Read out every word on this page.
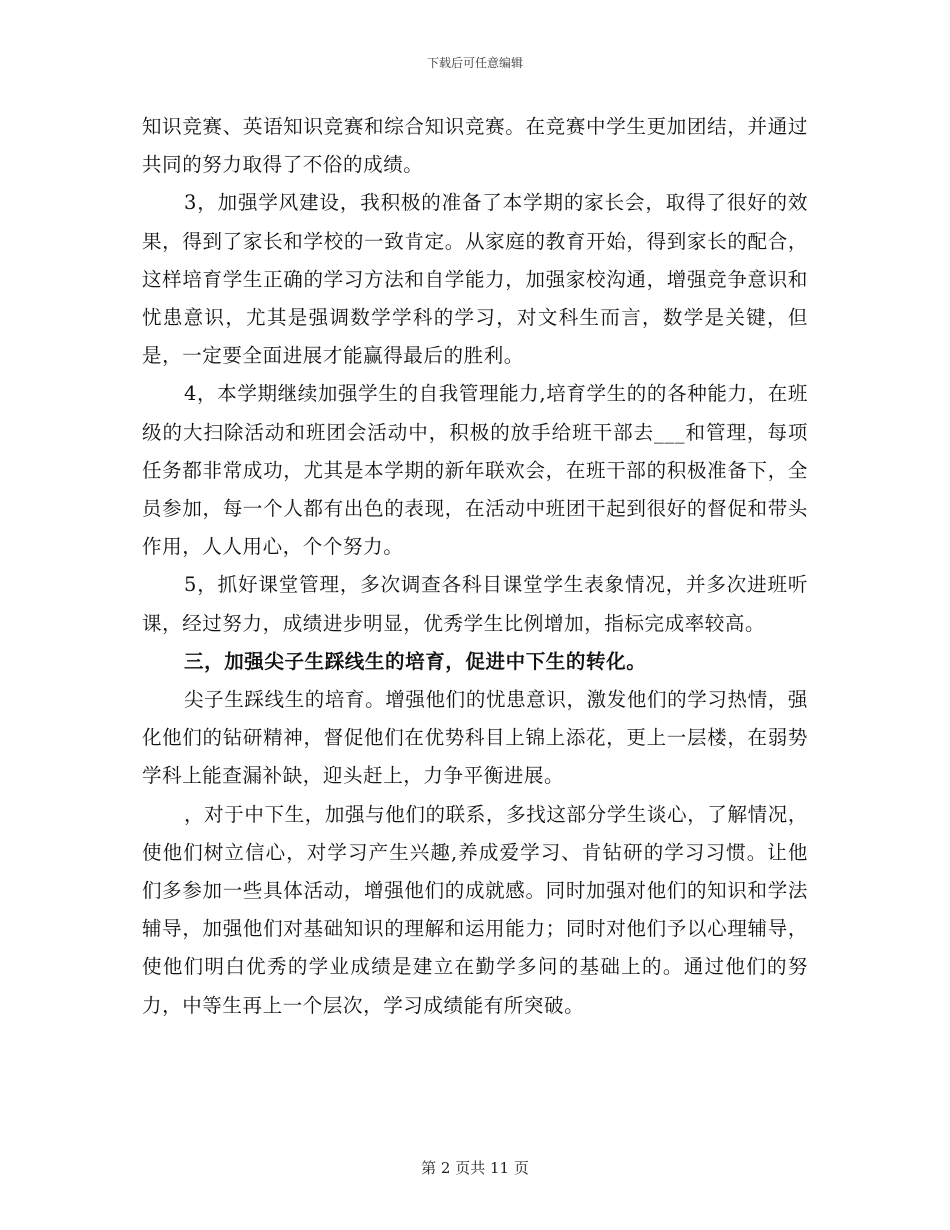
下载后可任意编辑

知识竞赛、英语知识竞赛和综合知识竞赛。在竞赛中学生更加团结，并通过共同的努力取得了不俗的成绩。

3，加强学风建设，我积极的准备了本学期的家长会，取得了很好的效果，得到了家长和学校的一致肯定。从家庭的教育开始，得到家长的配合，这样培育学生正确的学习方法和自学能力，加强家校沟通，增强竞争意识和忧患意识，尤其是强调数学学科的学习，对文科生而言，数学是关键，但是，一定要全面进展才能赢得最后的胜利。

4，本学期继续加强学生的自我管理能力,培育学生的的各种能力，在班级的大扫除活动和班团会活动中，积极的放手给班干部去___和管理，每项任务都非常成功，尤其是本学期的新年联欢会，在班干部的积极准备下，全员参加，每一个人都有出色的表现，在活动中班团干起到很好的督促和带头作用，人人用心，个个努力。

5，抓好课堂管理，多次调查各科目课堂学生表象情况，并多次进班听课，经过努力，成绩进步明显，优秀学生比例增加，指标完成率较高。

三，加强尖子生踩线生的培育，促进中下生的转化。

尖子生踩线生的培育。增强他们的忧患意识，激发他们的学习热情，强化他们的钻研精神，督促他们在优势科目上锦上添花，更上一层楼，在弱势学科上能查漏补缺，迎头赶上，力争平衡进展。

，对于中下生，加强与他们的联系，多找这部分学生谈心，了解情况，使他们树立信心，对学习产生兴趣,养成爱学习、肯钻研的学习习惯。让他们多参加一些具体活动，增强他们的成就感。同时加强对他们的知识和学法辅导，加强他们对基础知识的理解和运用能力；同时对他们予以心理辅导，使他们明白优秀的学业成绩是建立在勤学多问的基础上的。通过他们的努力，中等生再上一个层次，学习成绩能有所突破。

第 2 页共 11 页
